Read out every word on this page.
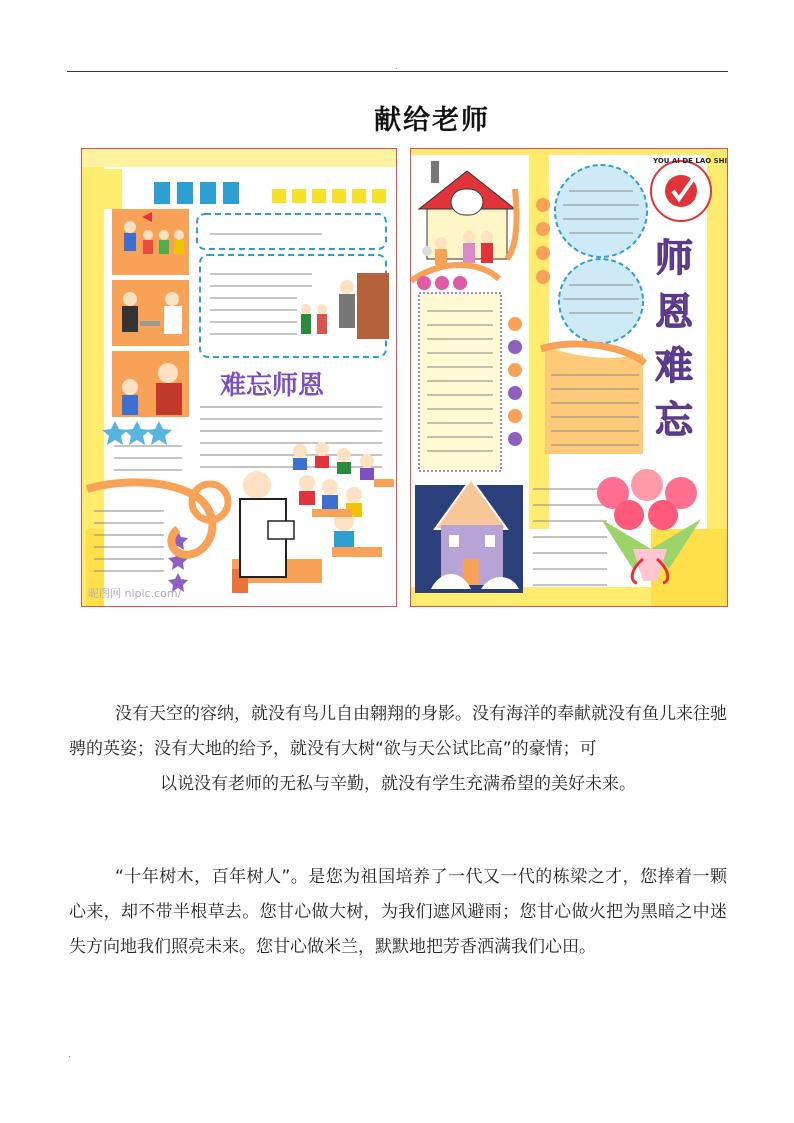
.
献给老师
难忘师恩
昵图网 nipic.com/
YOU AI DE LAO SHI
师
恩
难
忘

没有天空的容纳，就没有鸟儿自由翱翔的身影。没有海洋的奉献就没有鱼儿来往驰骋的英姿；没有大地的给予，就没有大树“欲与天公试比高”的豪情；可
以说没有老师的无私与辛勤，就没有学生充满希望的美好未来。

“十年树木，百年树人”。是您为祖国培养了一代又一代的栋梁之才，您捧着一颗心来，却不带半根草去。您甘心做大树，为我们遮风避雨；您甘心做火把为黑暗之中迷失方向地我们照亮未来。您甘心做米兰，默默地把芳香洒满我们心田。

.
